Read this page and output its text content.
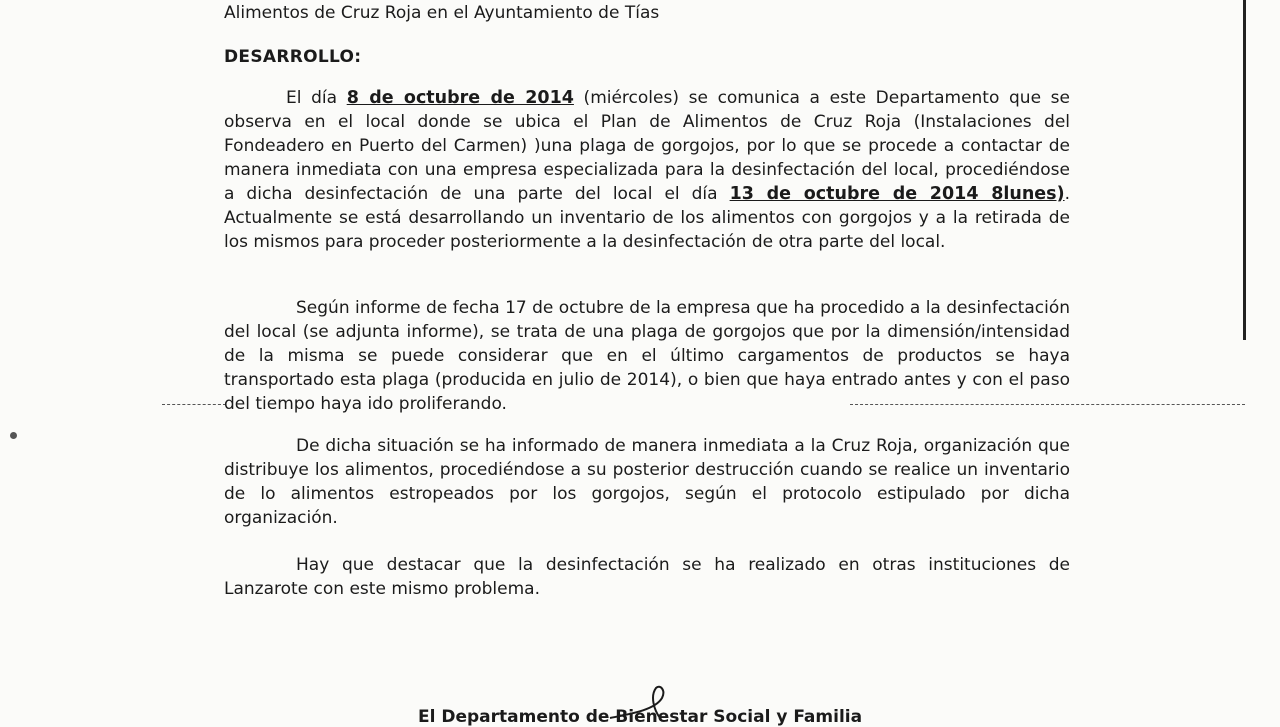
Alimentos de Cruz Roja en el Ayuntamiento de Tías
DESARROLLO:

El día 8 de octubre de 2014 (miércoles) se comunica a este Departamento que se observa en el local donde se ubica el Plan de Alimentos de Cruz Roja (Instalaciones del Fondeadero en Puerto del Carmen) )una plaga de gorgojos, por lo que se procede a contactar de manera inmediata con una empresa especializada para la desinfectación del local, procediéndose a dicha desinfectación de una parte del local el día 13 de octubre de 2014 8lunes). Actualmente se está desarrollando un inventario de los alimentos con gorgojos y a la retirada de los mismos para proceder posteriormente a la desinfectación de otra parte del local.

Según informe de fecha 17 de octubre de la empresa que ha procedido a la desinfectación del local (se adjunta informe), se trata de una plaga de gorgojos que por la dimensión/intensidad de la misma se puede considerar que en el último cargamentos de productos se haya transportado esta plaga (producida en julio de 2014), o bien que haya entrado antes y con el paso del tiempo haya ido proliferando.

De dicha situación se ha informado de manera inmediata a la Cruz Roja, organización que distribuye los alimentos, procediéndose a su posterior destrucción cuando se realice un inventario de lo alimentos estropeados por los gorgojos, según el protocolo estipulado por dicha organización.

Hay que destacar que la desinfectación se ha realizado en otras instituciones de Lanzarote con este mismo problema.

El Departamento de Bienestar Social y Familia
